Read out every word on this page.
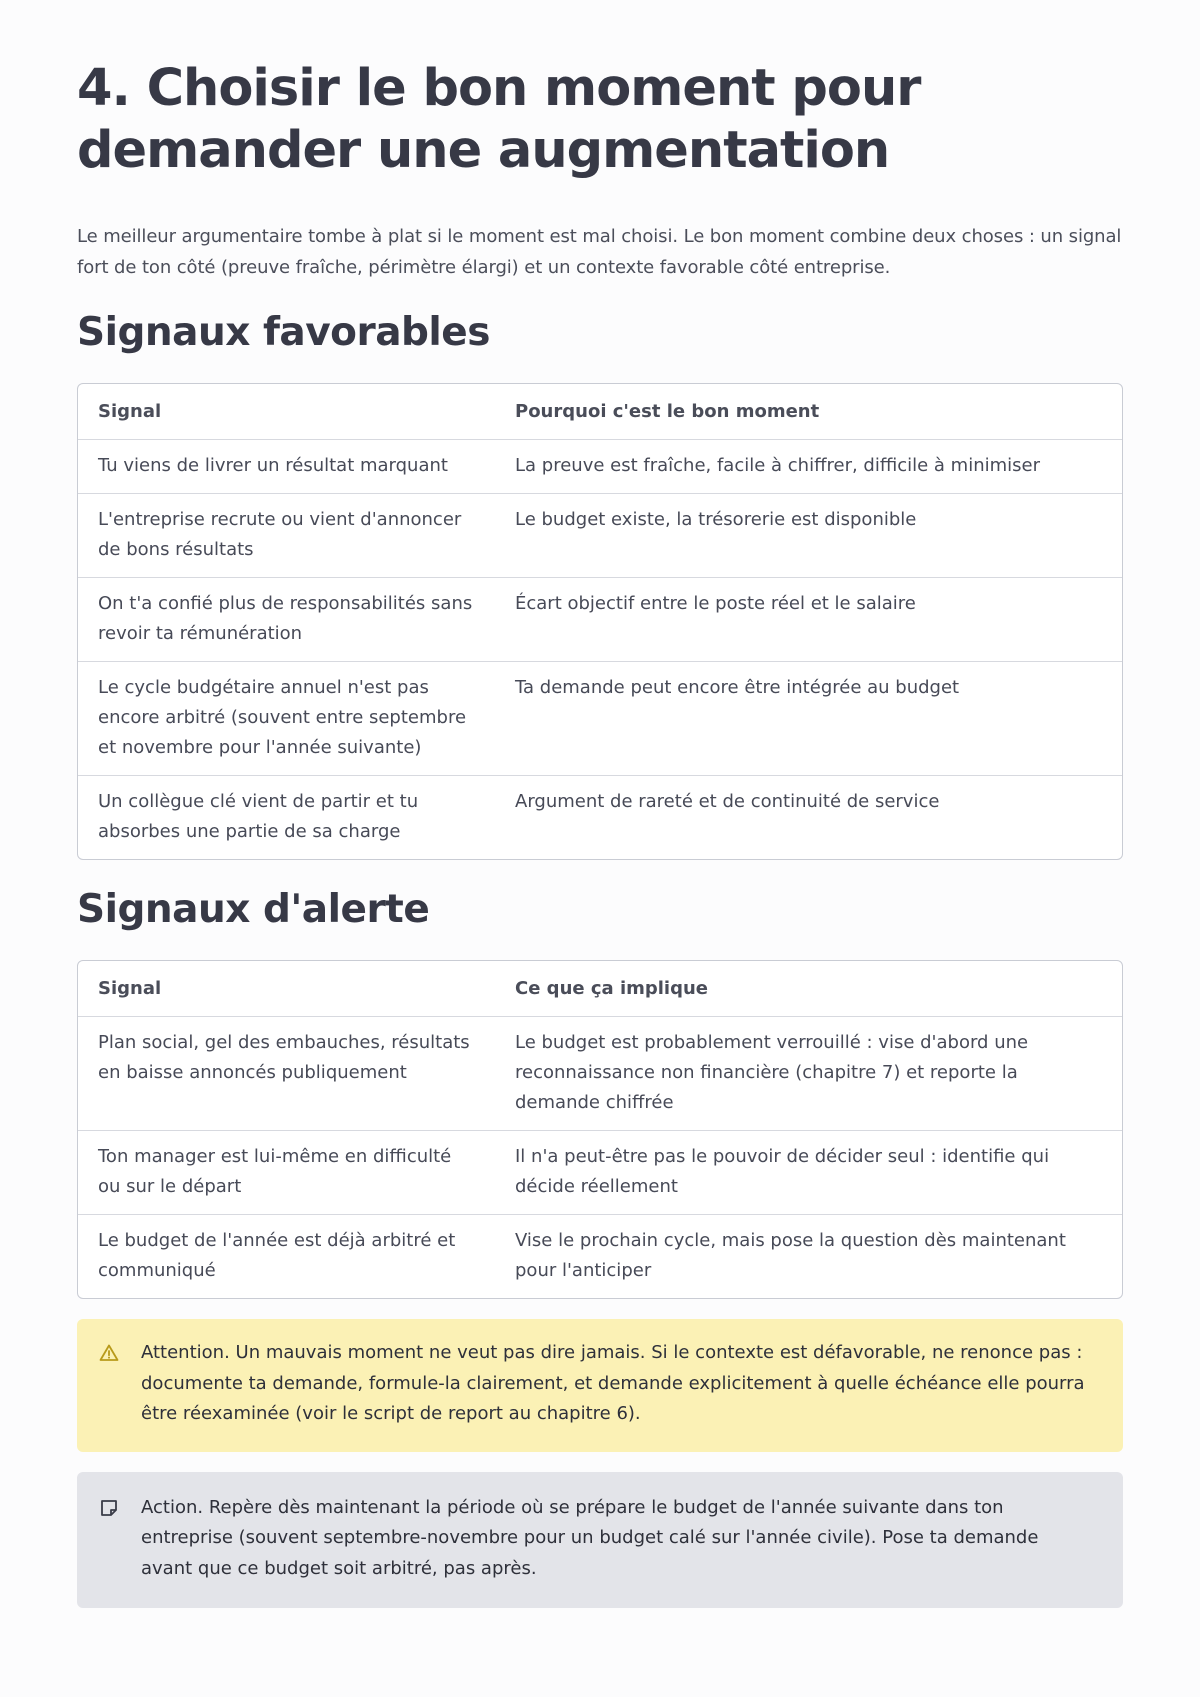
4. Choisir le bon moment pour demander une augmentation

Le meilleur argumentaire tombe à plat si le moment est mal choisi. Le bon moment combine deux choses : un signal fort de ton côté (preuve fraîche, périmètre élargi) et un contexte favorable côté entreprise.

Signaux favorables
Signal	Pourquoi c'est le bon moment
Tu viens de livrer un résultat marquant	La preuve est fraîche, facile à chiffrer, difficile à minimiser
L'entreprise recrute ou vient d'annoncer de bons résultats	Le budget existe, la trésorerie est disponible
On t'a confié plus de responsabilités sans revoir ta rémunération	Écart objectif entre le poste réel et le salaire
Le cycle budgétaire annuel n'est pas encore arbitré (souvent entre septembre et novembre pour l'année suivante)	Ta demande peut encore être intégrée au budget
Un collègue clé vient de partir et tu absorbes une partie de sa charge	Argument de rareté et de continuité de service
Signaux d'alerte
Signal	Ce que ça implique
Plan social, gel des embauches, résultats en baisse annoncés publiquement	Le budget est probablement verrouillé : vise d'abord une reconnaissance non financière (chapitre 7) et reporte la demande chiffrée
Ton manager est lui-même en difficulté ou sur le départ	Il n'a peut-être pas le pouvoir de décider seul : identifie qui décide réellement
Le budget de l'année est déjà arbitré et communiqué	Vise le prochain cycle, mais pose la question dès maintenant pour l'anticiper

Attention. Un mauvais moment ne veut pas dire jamais. Si le contexte est défavorable, ne renonce pas : documente ta demande, formule-la clairement, et demande explicitement à quelle échéance elle pourra être réexaminée (voir le script de report au chapitre 6).

Action. Repère dès maintenant la période où se prépare le budget de l'année suivante dans ton entreprise (souvent septembre-novembre pour un budget calé sur l'année civile). Pose ta demande avant que ce budget soit arbitré, pas après.
